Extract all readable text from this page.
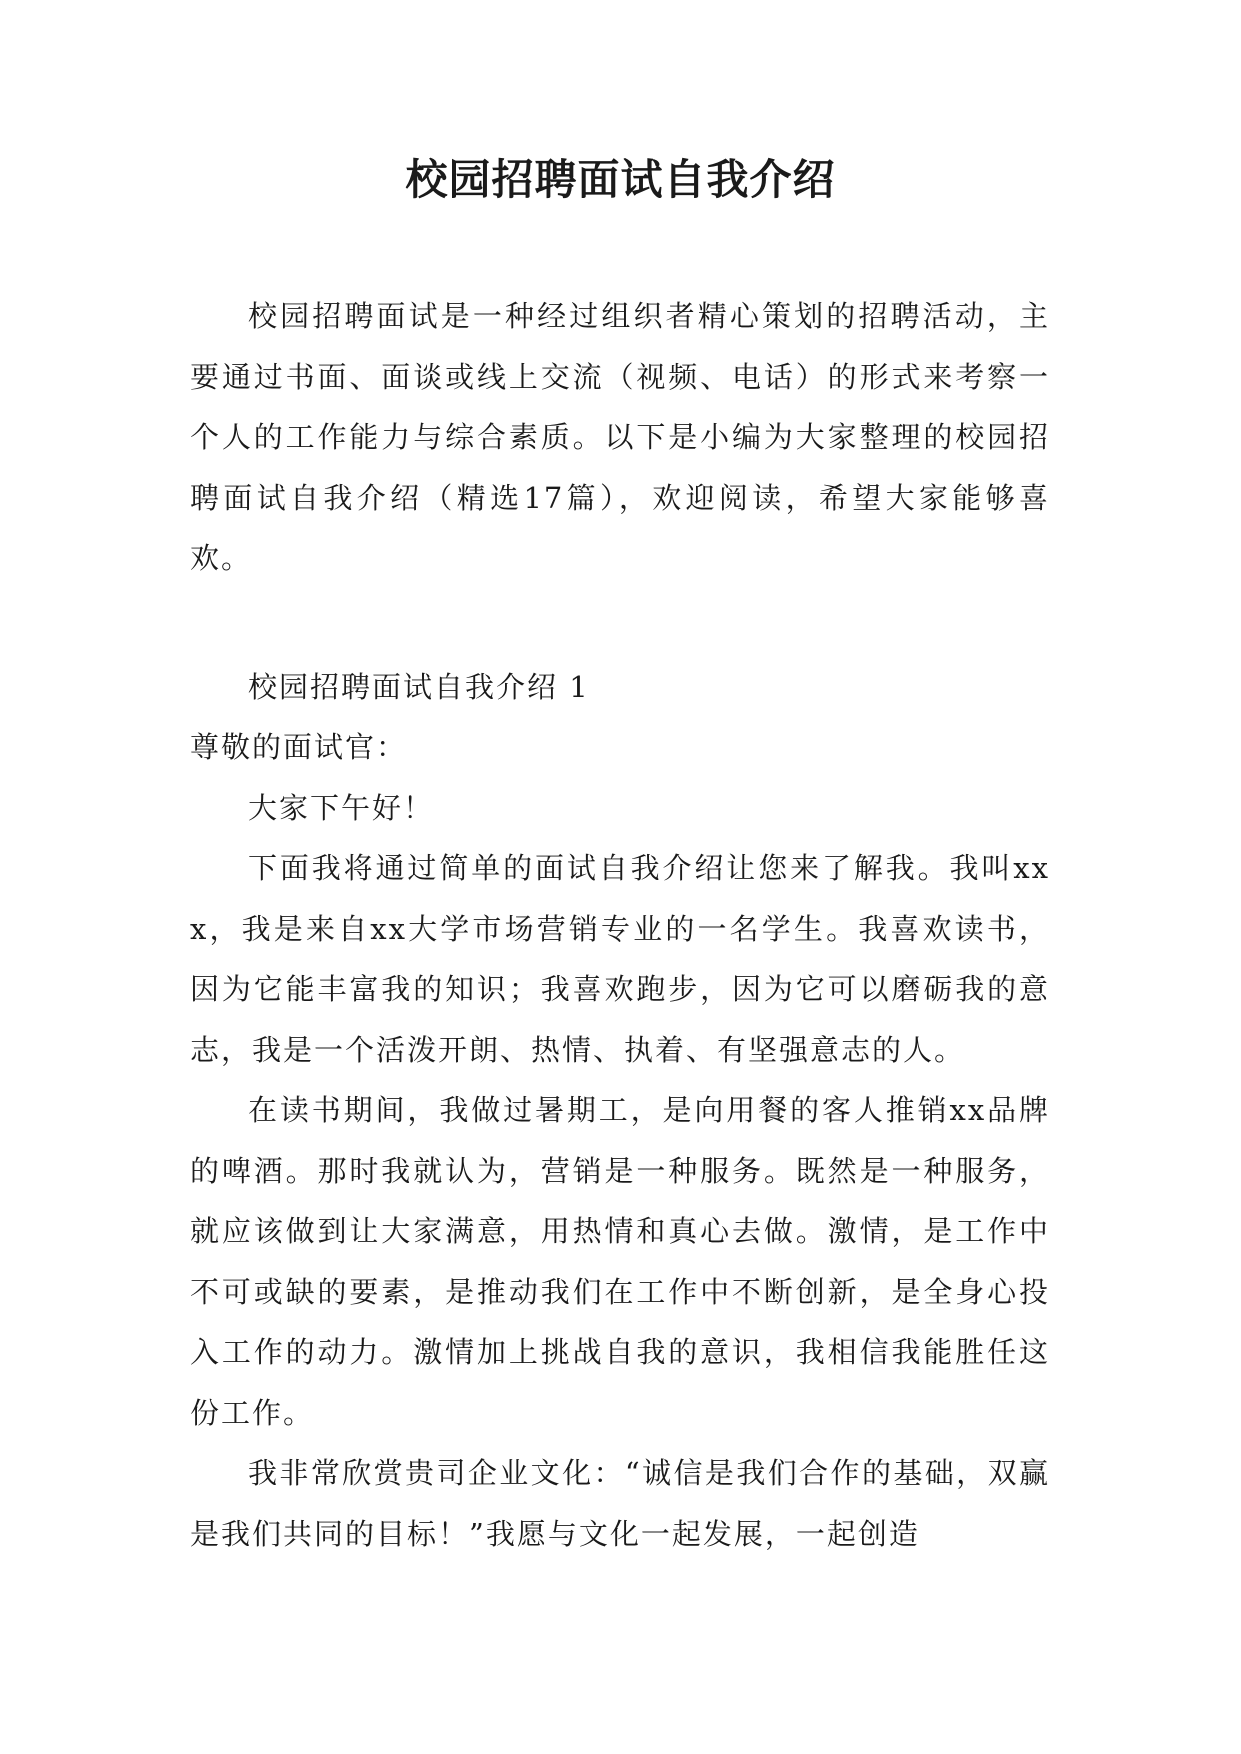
校园招聘面试自我介绍

校园招聘面试是一种经过组织者精心策划的招聘活动，主要通过书面、面谈或线上交流（视频、电话）的形式来考察一个人的工作能力与综合素质。以下是小编为大家整理的校园招聘面试自我介绍（精选17篇），欢迎阅读，希望大家能够喜欢。

校园招聘面试自我介绍 1

尊敬的面试官：

大家下午好！

下面我将通过简单的面试自我介绍让您来了解我。我叫xxx，我是来自xx大学市场营销专业的一名学生。我喜欢读书，因为它能丰富我的知识；我喜欢跑步，因为它可以磨砺我的意志，我是一个活泼开朗、热情、执着、有坚强意志的人。

在读书期间，我做过暑期工，是向用餐的客人推销xx品牌的啤酒。那时我就认为，营销是一种服务。既然是一种服务，就应该做到让大家满意，用热情和真心去做。激情，是工作中不可或缺的要素，是推动我们在工作中不断创新，是全身心投入工作的动力。激情加上挑战自我的意识，我相信我能胜任这份工作。

我非常欣赏贵司企业文化：“诚信是我们合作的基础，双赢是我们共同的目标！”我愿与文化一起发展，一起创造
